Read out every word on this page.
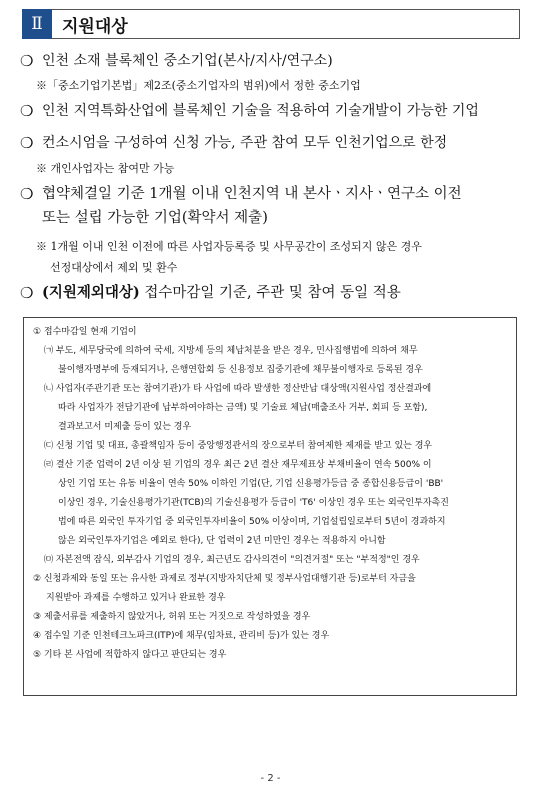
Ⅱ	지원대상
❍ 인천 소재 블록체인 중소기업(본사/지사/연구소)
※「중소기업기본법」제2조(중소기업자의 범위)에서 정한 중소기업
❍ 인천 지역특화산업에 블록체인 기술을 적용하여 기술개발이 가능한 기업
❍ 컨소시엄을 구성하여 신청 가능, 주관 참여 모두 인천기업으로 한정
※ 개인사업자는 참여만 가능
❍ 협약체결일 기준 1개월 이내 인천지역 내 본사ㆍ지사ㆍ연구소 이전
또는 설립 가능한 기업(확약서 제출)
※ 1개월 이내 인천 이전에 따른 사업자등록증 및 사무공간이 조성되지 않은 경우
선정대상에서 제외 및 환수
❍ (지원제외대상) 접수마감일 기준, 주관 및 참여 동일 적용
① 접수마감일 현재 기업이
㈀ 부도, 세무당국에 의하여 국세, 지방세 등의 체납처분을 받은 경우, 민사집행법에 의하여 채무
불이행자명부에 등재되거나, 은행연합회 등 신용정보 집중기관에 채무불이행자로 등록된 경우
㈁ 사업자(주관기관 또는 참여기관)가 타 사업에 따라 발생한 정산반납 대상액(지원사업 정산결과에
따라 사업자가 전담기관에 납부하여야하는 금액) 및 기술료 체납(매출조사 거부, 회피 등 포함),
결과보고서 미제출 등이 있는 경우
㈂ 신청 기업 및 대표, 총괄책임자 등이 중앙행정관서의 장으로부터 참여제한 제재를 받고 있는 경우
㈃ 결산 기준 업력이 2년 이상 된 기업의 경우 최근 2년 결산 재무제표상 부채비율이 연속 500% 이
상인 기업 또는 유동 비율이 연속 50% 이하인 기업(단, 기업 신용평가등급 중 종합신용등급이 'BB'
이상인 경우, 기술신용평가기관(TCB)의 기술신용평가 등급이 'T6' 이상인 경우 또는 외국인투자촉진
법에 따른 외국인 투자기업 중 외국인투자비율이 50% 이상이며, 기업설립일로부터 5년이 경과하지
않은 외국인투자기업은 예외로 한다), 단 업력이 2년 미만인 경우는 적용하지 아니함
㈄ 자본전액 잠식, 외부감사 기업의 경우, 최근년도 감사의견이 "의견거절" 또는 "부적정"인 경우
② 신청과제와 동일 또는 유사한 과제로 정부(지방자치단체 및 정부사업대행기관 등)로부터 자금을
지원받아 과제를 수행하고 있거나 완료한 경우
③ 제출서류를 제출하지 않았거나, 허위 또는 거짓으로 작성하였을 경우
④ 접수일 기준 인천테크노파크(ITP)에 채무(임차료, 관리비 등)가 있는 경우
⑤ 기타 본 사업에 적합하지 않다고 판단되는 경우
- 2 -
